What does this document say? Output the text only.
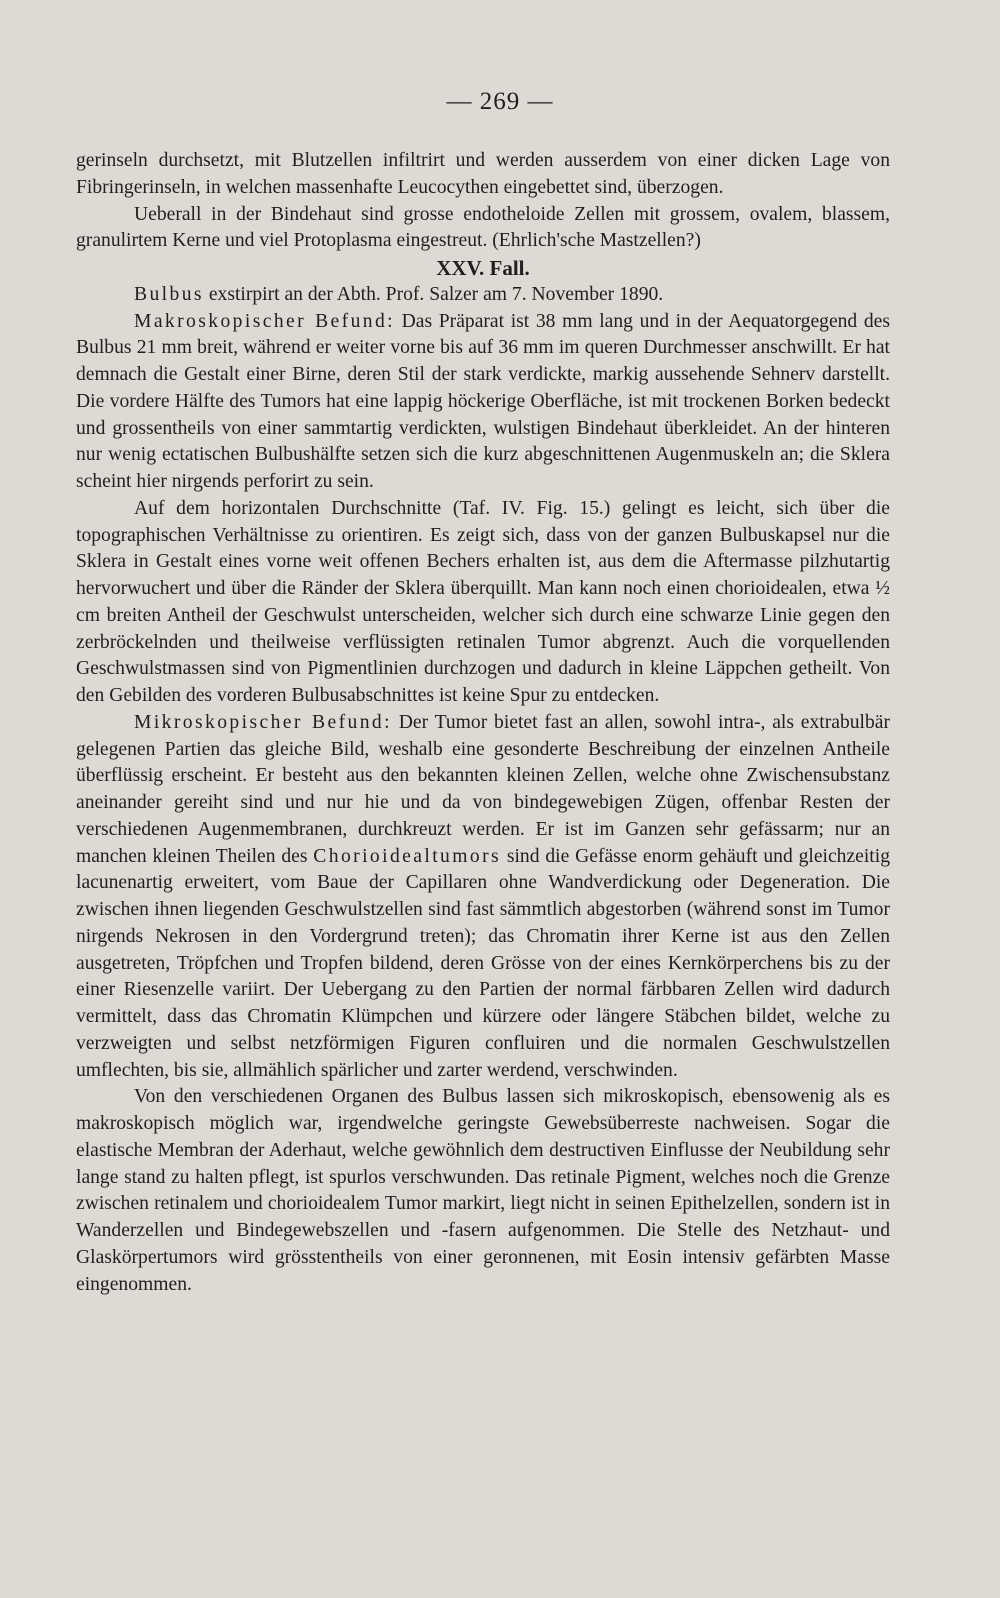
— 269 —

gerinseln durchsetzt, mit Blutzellen infiltrirt und werden ausserdem von einer dicken Lage von Fibringerinseln, in welchen massenhafte Leucocythen eingebettet sind, überzogen.

Ueberall in der Bindehaut sind grosse endotheloide Zellen mit grossem, ovalem, blassem, granulirtem Kerne und viel Protoplasma eingestreut. (Ehrlich'sche Mastzellen?)

XXV. Fall.

Bulbus exstirpirt an der Abth. Prof. Salzer am 7. November 1890.

Makroskopischer Befund: Das Präparat ist 38 mm lang und in der Aequatorgegend des Bulbus 21 mm breit, während er weiter vorne bis auf 36 mm im queren Durchmesser anschwillt. Er hat demnach die Gestalt einer Birne, deren Stil der stark verdickte, markig aussehende Sehnerv darstellt. Die vordere Hälfte des Tumors hat eine lappig höckerige Oberfläche, ist mit trockenen Borken bedeckt und grossentheils von einer sammtartig verdickten, wulstigen Bindehaut überkleidet. An der hinteren nur wenig ectatischen Bulbushälfte setzen sich die kurz abgeschnittenen Augenmuskeln an; die Sklera scheint hier nirgends perforirt zu sein.

Auf dem horizontalen Durchschnitte (Taf. IV. Fig. 15.) gelingt es leicht, sich über die topographischen Verhältnisse zu orientiren. Es zeigt sich, dass von der ganzen Bulbuskapsel nur die Sklera in Gestalt eines vorne weit offenen Bechers erhalten ist, aus dem die Aftermasse pilzhutartig hervorwuchert und über die Ränder der Sklera überquillt. Man kann noch einen chorioidealen, etwa ½ cm breiten Antheil der Geschwulst unterscheiden, welcher sich durch eine schwarze Linie gegen den zerbröckelnden und theilweise verflüssigten retinalen Tumor abgrenzt. Auch die vorquellenden Geschwulstmassen sind von Pigmentlinien durchzogen und dadurch in kleine Läppchen getheilt. Von den Gebilden des vorderen Bulbusabschnittes ist keine Spur zu entdecken.

Mikroskopischer Befund: Der Tumor bietet fast an allen, sowohl intra-, als extrabulbär gelegenen Partien das gleiche Bild, weshalb eine gesonderte Beschreibung der einzelnen Antheile überflüssig erscheint. Er besteht aus den bekannten kleinen Zellen, welche ohne Zwischensubstanz aneinander gereiht sind und nur hie und da von bindegewebigen Zügen, offenbar Resten der verschiedenen Augenmembranen, durchkreuzt werden. Er ist im Ganzen sehr gefässarm; nur an manchen kleinen Theilen des Chorioidealtumors sind die Gefässe enorm gehäuft und gleichzeitig lacunenartig erweitert, vom Baue der Capillaren ohne Wandverdickung oder Degeneration. Die zwischen ihnen liegenden Geschwulstzellen sind fast sämmtlich abgestorben (während sonst im Tumor nirgends Nekrosen in den Vordergrund treten); das Chromatin ihrer Kerne ist aus den Zellen ausgetreten, Tröpfchen und Tropfen bildend, deren Grösse von der eines Kernkörperchens bis zu der einer Riesenzelle variirt. Der Uebergang zu den Partien der normal färbbaren Zellen wird dadurch vermittelt, dass das Chromatin Klümpchen und kürzere oder längere Stäbchen bildet, welche zu verzweigten und selbst netzförmigen Figuren confluiren und die normalen Geschwulstzellen umflechten, bis sie, allmählich spärlicher und zarter werdend, verschwinden.

Von den verschiedenen Organen des Bulbus lassen sich mikroskopisch, ebensowenig als es makroskopisch möglich war, irgendwelche geringste Gewebsüberreste nachweisen. Sogar die elastische Membran der Aderhaut, welche gewöhnlich dem destructiven Einflusse der Neubildung sehr lange stand zu halten pflegt, ist spurlos verschwunden. Das retinale Pigment, welches noch die Grenze zwischen retinalem und chorioidealem Tumor markirt, liegt nicht in seinen Epithelzellen, sondern ist in Wanderzellen und Bindegewebszellen und -fasern aufgenommen. Die Stelle des Netzhaut- und Glaskörpertumors wird grösstentheils von einer geronnenen, mit Eosin intensiv gefärbten Masse eingenommen.
